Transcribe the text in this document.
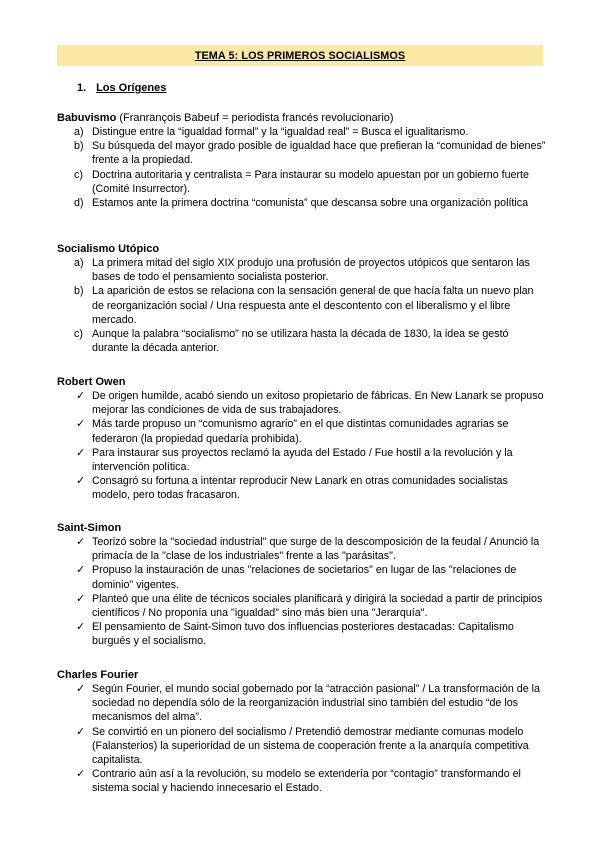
TEMA 5: LOS PRIMEROS SOCIALISMOS
1. Los Orígenes
Babuvismo (Franrançois Babeuf = periodista francés revolucionario)
a) Distingue entre la “igualdad formal” y la “igualdad real” = Busca el igualitarismo.
b) Su búsqueda del mayor grado posible de igualdad hace que prefieran la “comunidad de bienes” frente a la propiedad.
c) Doctrina autoritaria y centralista = Para instaurar su modelo apuestan por un gobierno fuerte (Comité Insurrector).
d) Estamos ante la primera doctrina “comunista” que descansa sobre una organización política
Socialismo Utópico
a) La primera mitad del siglo XIX produjo una profusión de proyectos utópicos que sentaron las bases de todo el pensamiento socialista posterior.
b) La aparición de estos se relaciona con la sensación general de que hacía falta un nuevo plan de reorganización social / Una respuesta ante el descontento con el liberalismo y el libre mercado.
c) Aunque la palabra “socialismo” no se utilizara hasta la década de 1830, la idea se gestó durante la década anterior.
Robert Owen
✓ De origen humilde, acabó siendo un exitoso propietario de fábricas. En New Lanark se propuso mejorar las condiciones de vida de sus trabajadores.
✓ Más tarde propuso un “comunismo agrario” en el que distintas comunidades agrarias se federaron (la propiedad quedaría prohibida).
✓ Para instaurar sus proyectos reclamó la ayuda del Estado / Fue hostil a la revolución y la intervención política.
✓ Consagró su fortuna a intentar reproducir New Lanark en otras comunidades socialistas modelo, pero todas fracasaron.
Saint-Simon
✓ Teorizó sobre la "sociedad industrial" que surge de la descomposición de la feudal / Anunció la primacía de la "clase de los industriales" frente a las "parásitas".
✓ Propuso la instauración de unas "relaciones de societarios" en lugar de las "relaciones de dominio" vigentes.
✓ Planteó que una élite de técnicos sociales planificará y dirigirá la sociedad a partir de principios científicos / No proponía una "igualdad" sino más bien una "Jerarquía".
✓ El pensamiento de Saint-Simon tuvo dos influencias posteriores destacadas: Capitalismo burgués y el socialismo.
Charles Fourier
✓ Según Fourier, el mundo social gobernado por la “atracción pasional” / La transformación de la sociedad no dependía sólo de la reorganización industrial sino también del estudio “de los mecanismos del alma”.
✓ Se convirtió en un pionero del socialismo / Pretendió demostrar mediante comunas modelo (Falansterios) la superioridad de un sistema de cooperación frente a la anarquía competitiva capitalista.
✓ Contrario aún así a la revolución, su modelo se extendería por “contagio” transformando el sistema social y haciendo innecesario el Estado.
